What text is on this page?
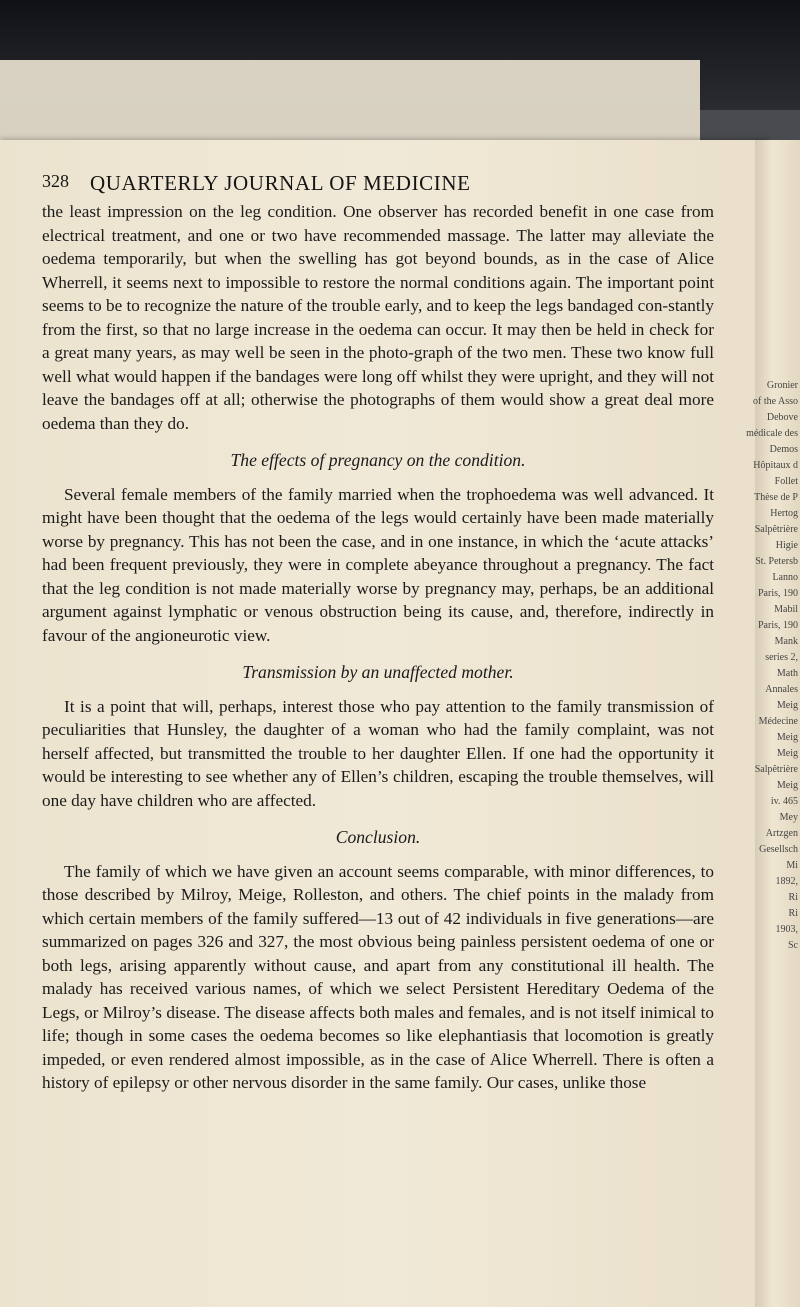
Gronier
of the Asso
Debove
médicale des
Demos
Hôpitaux d
Follet
Thèse de P
Hertog
Salpêtrière
Higie
St. Petersb
Lanno
Paris, 190
Mabil
Paris, 190
Mank
series 2,
Math
Annales
Meig
Médecine
Meig
Meig
Salpêtrière
Meig
iv. 465
Mey
Artzgen
Gesellsch
Mi
1892,
Ri
Ri
1903,
Sc
328 QUARTERLY JOURNAL OF MEDICINE

the least impression on the leg condition. One observer has recorded benefit in one case from electrical treatment, and one or two have recommended massage. The latter may alleviate the oedema temporarily, but when the swelling has got beyond bounds, as in the case of Alice Wherrell, it seems next to impossible to restore the normal conditions again. The important point seems to be to recognize the nature of the trouble early, and to keep the legs bandaged con-stantly from the first, so that no large increase in the oedema can occur. It may then be held in check for a great many years, as may well be seen in the photo-graph of the two men. These two know full well what would happen if the bandages were long off whilst they were upright, and they will not leave the bandages off at all; otherwise the photographs of them would show a great deal more oedema than they do.

The effects of pregnancy on the condition.

Several female members of the family married when the trophoedema was well advanced. It might have been thought that the oedema of the legs would certainly have been made materially worse by pregnancy. This has not been the case, and in one instance, in which the ‘acute attacks’ had been frequent previously, they were in complete abeyance throughout a pregnancy. The fact that the leg condition is not made materially worse by pregnancy may, perhaps, be an additional argument against lymphatic or venous obstruction being its cause, and, therefore, indirectly in favour of the angioneurotic view.

Transmission by an unaffected mother.

It is a point that will, perhaps, interest those who pay attention to the family transmission of peculiarities that Hunsley, the daughter of a woman who had the family complaint, was not herself affected, but transmitted the trouble to her daughter Ellen. If one had the opportunity it would be interesting to see whether any of Ellen’s children, escaping the trouble themselves, will one day have children who are affected.

Conclusion.

The family of which we have given an account seems comparable, with minor differences, to those described by Milroy, Meige, Rolleston, and others. The chief points in the malady from which certain members of the family suffered—13 out of 42 individuals in five generations—are summarized on pages 326 and 327, the most obvious being painless persistent oedema of one or both legs, arising apparently without cause, and apart from any constitutional ill health. The malady has received various names, of which we select Persistent Hereditary Oedema of the Legs, or Milroy’s disease. The disease affects both males and females, and is not itself inimical to life; though in some cases the oedema becomes so like elephantiasis that locomotion is greatly impeded, or even rendered almost impossible, as in the case of Alice Wherrell. There is often a history of epilepsy or other nervous disorder in the same family. Our cases, unlike those
